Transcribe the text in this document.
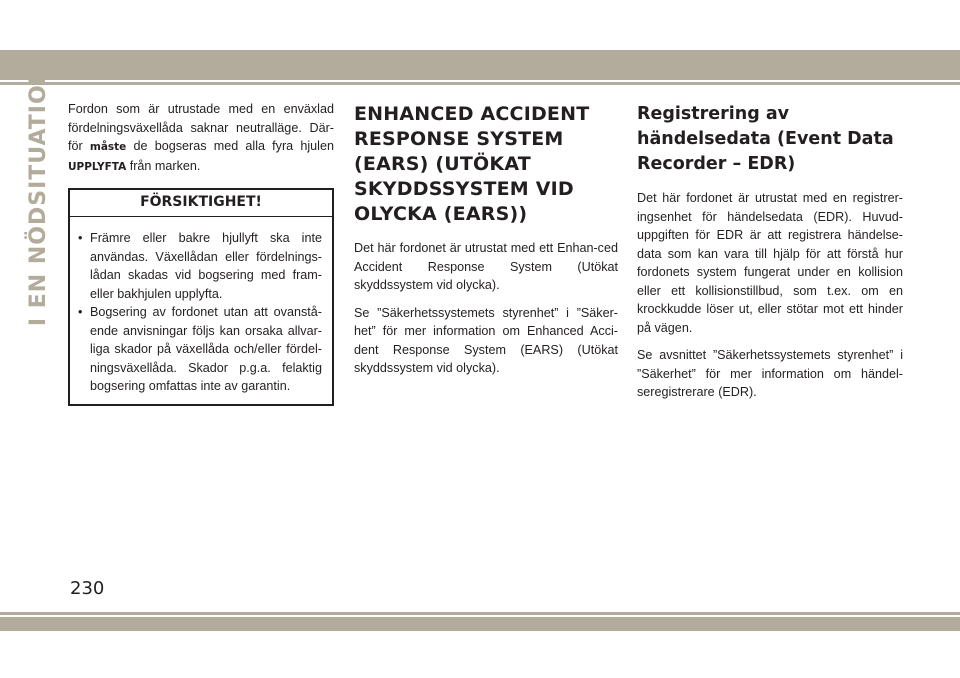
I EN NÖDSITUATION Fordon som är utrustade med en enväxlad fördelningsväxellåda saknar neutralläge. Där-för måste de bogseras med alla fyra hjulen UPPLYFTA från marken.

FÖRSIKTIGHET!
• Främre eller bakre hjullyft ska inte användas. Växellådan eller fördelnings-lådan skadas vid bogsering med fram- eller bakhjulen upplyfta.
• Bogsering av fordonet utan att ovanstå-ende anvisningar följs kan orsaka allvar-liga skador på växellåda och/eller fördel-ningsväxellåda. Skador p.g.a. felaktig bogsering omfattas inte av garantin.
ENHANCED ACCIDENT RESPONSE SYSTEM (EARS) (UTÖKAT SKYDDSSYSTEM VID OLYCKA (EARS))

Det här fordonet är utrustat med ett Enhan-ced Accident Response System (Utökat skyddssystem vid olycka).

Se ”Säkerhetssystemets styrenhet” i ”Säker-het” för mer information om Enhanced Acci-dent Response System (EARS) (Utökat skyddssystem vid olycka).

Registrering av händelsedata (Event Data Recorder – EDR)

Det här fordonet är utrustat med en registrer-ingsenhet för händelsedata (EDR). Huvud-uppgiften för EDR är att registrera händelse-data som kan vara till hjälp för att förstå hur fordonets system fungerat under en kollision eller ett kollisionstillbud, som t.ex. om en krockkudde löser ut, eller stötar mot ett hinder på vägen.

Se avsnittet ”Säkerhetssystemets styrenhet” i ”Säkerhet” för mer information om händel-seregistrerare (EDR).

230
